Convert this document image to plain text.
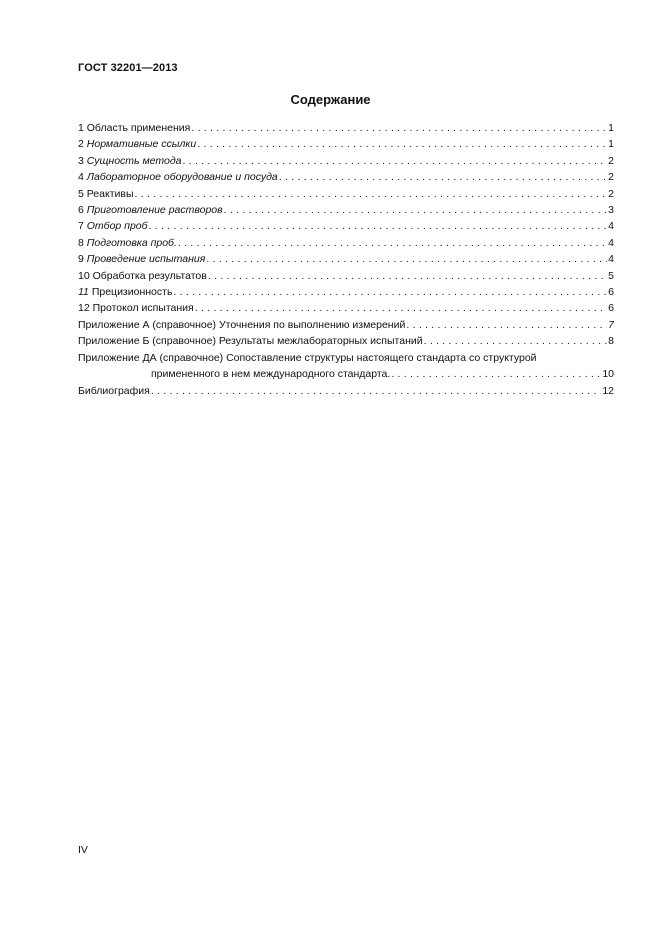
ГОСТ 32201—2013
Содержание
1 Область применения . . .	1
2 Нормативные ссылки . . .	1
3 Сущность метода . . .	2
4 Лабораторное оборудование и посуда . . .	2
5 Реактивы . . .	2
6 Приготовление растворов . . .	3
7 Отбор проб . . .	4
8 Подготовка проб. . . .	4
9 Проведение испытания . . .	4
10 Обработка результатов . . .	5
11 Прецизионность . . .	6
12 Протокол испытания . . .	6
Приложение А (справочное) Уточнения по выполнению измерений . . .	7
Приложение Б (справочное) Результаты межлабораторных испытаний . . .	8
Приложение ДА (справочное) Сопоставление структуры настоящего стандарта со структурой
примененного в нем международного стандарта. . . .	10
Библиография . . .	12
IV
